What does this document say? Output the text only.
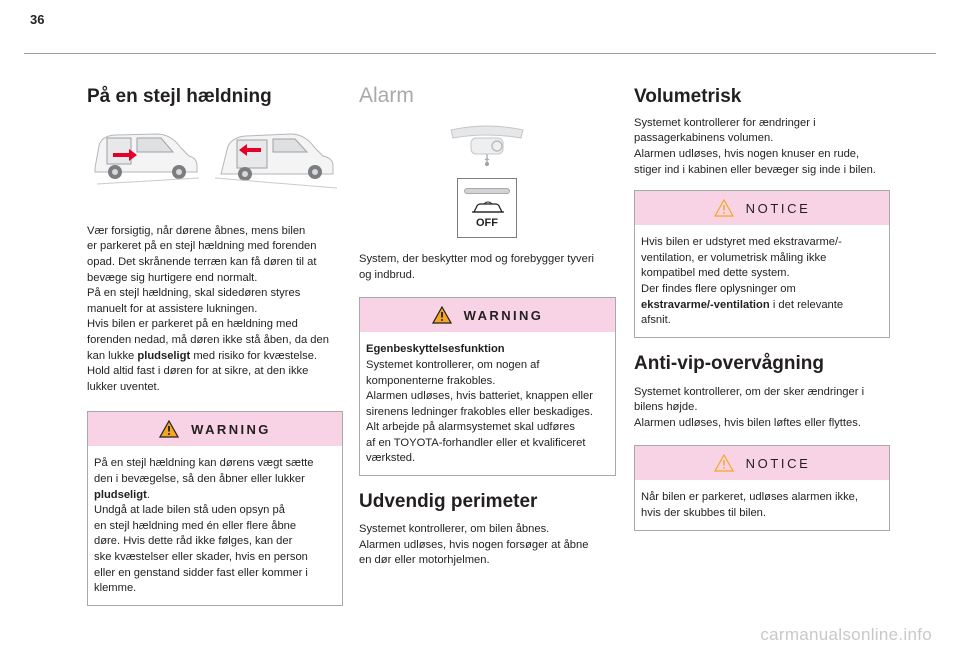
36
På en stejl hældning

Vær forsigtig, når dørene åbnes, mens bilen
er parkeret på en stejl hældning med forenden
opad. Det skrånende terræn kan få døren til at
bevæge sig hurtigere end normalt.
På en stejl hældning, skal sidedøren styres
manuelt for at assistere lukningen.
Hvis bilen er parkeret på en hældning med
forenden nedad, må døren ikke stå åben, da den
kan lukke pludseligt med risiko for kvæstelse.
Hold altid fast i døren for at sikre, at den ikke
lukker uventet.

WARNING
På en stejl hældning kan dørens vægt sætte
den i bevægelse, så den åbner eller lukker
pludseligt.
Undgå at lade bilen stå uden opsyn på
en stejl hældning med én eller flere åbne
døre. Hvis dette råd ikke følges, kan der
ske kvæstelser eller skader, hvis en person
eller en genstand sidder fast eller kommer i
klemme.
Alarm
OFF

System, der beskytter mod og forebygger tyveri
og indbrud.

WARNING
Egenbeskyttelsesfunktion
Systemet kontrollerer, om nogen af
komponenterne frakobles.
Alarmen udløses, hvis batteriet, knappen eller
sirenens ledninger frakobles eller beskadiges.
Alt arbejde på alarmsystemet skal udføres
af en TOYOTA-forhandler eller et kvalificeret
værksted.
Udvendig perimeter

Systemet kontrollerer, om bilen åbnes.
Alarmen udløses, hvis nogen forsøger at åbne
en dør eller motorhjelmen.

Volumetrisk

Systemet kontrollerer for ændringer i
passagerkabinens volumen.
Alarmen udløses, hvis nogen knuser en rude,
stiger ind i kabinen eller bevæger sig inde i bilen.

NOTICE
Hvis bilen er udstyret med ekstravarme/-
ventilation, er volumetrisk måling ikke
kompatibel med dette system.
Der findes flere oplysninger om
ekstravarme/-ventilation i det relevante
afsnit.
Anti-vip-overvågning

Systemet kontrollerer, om der sker ændringer i
bilens højde.
Alarmen udløses, hvis bilen løftes eller flyttes.

NOTICE
Når bilen er parkeret, udløses alarmen ikke,
hvis der skubbes til bilen.
carmanualsonline.info
